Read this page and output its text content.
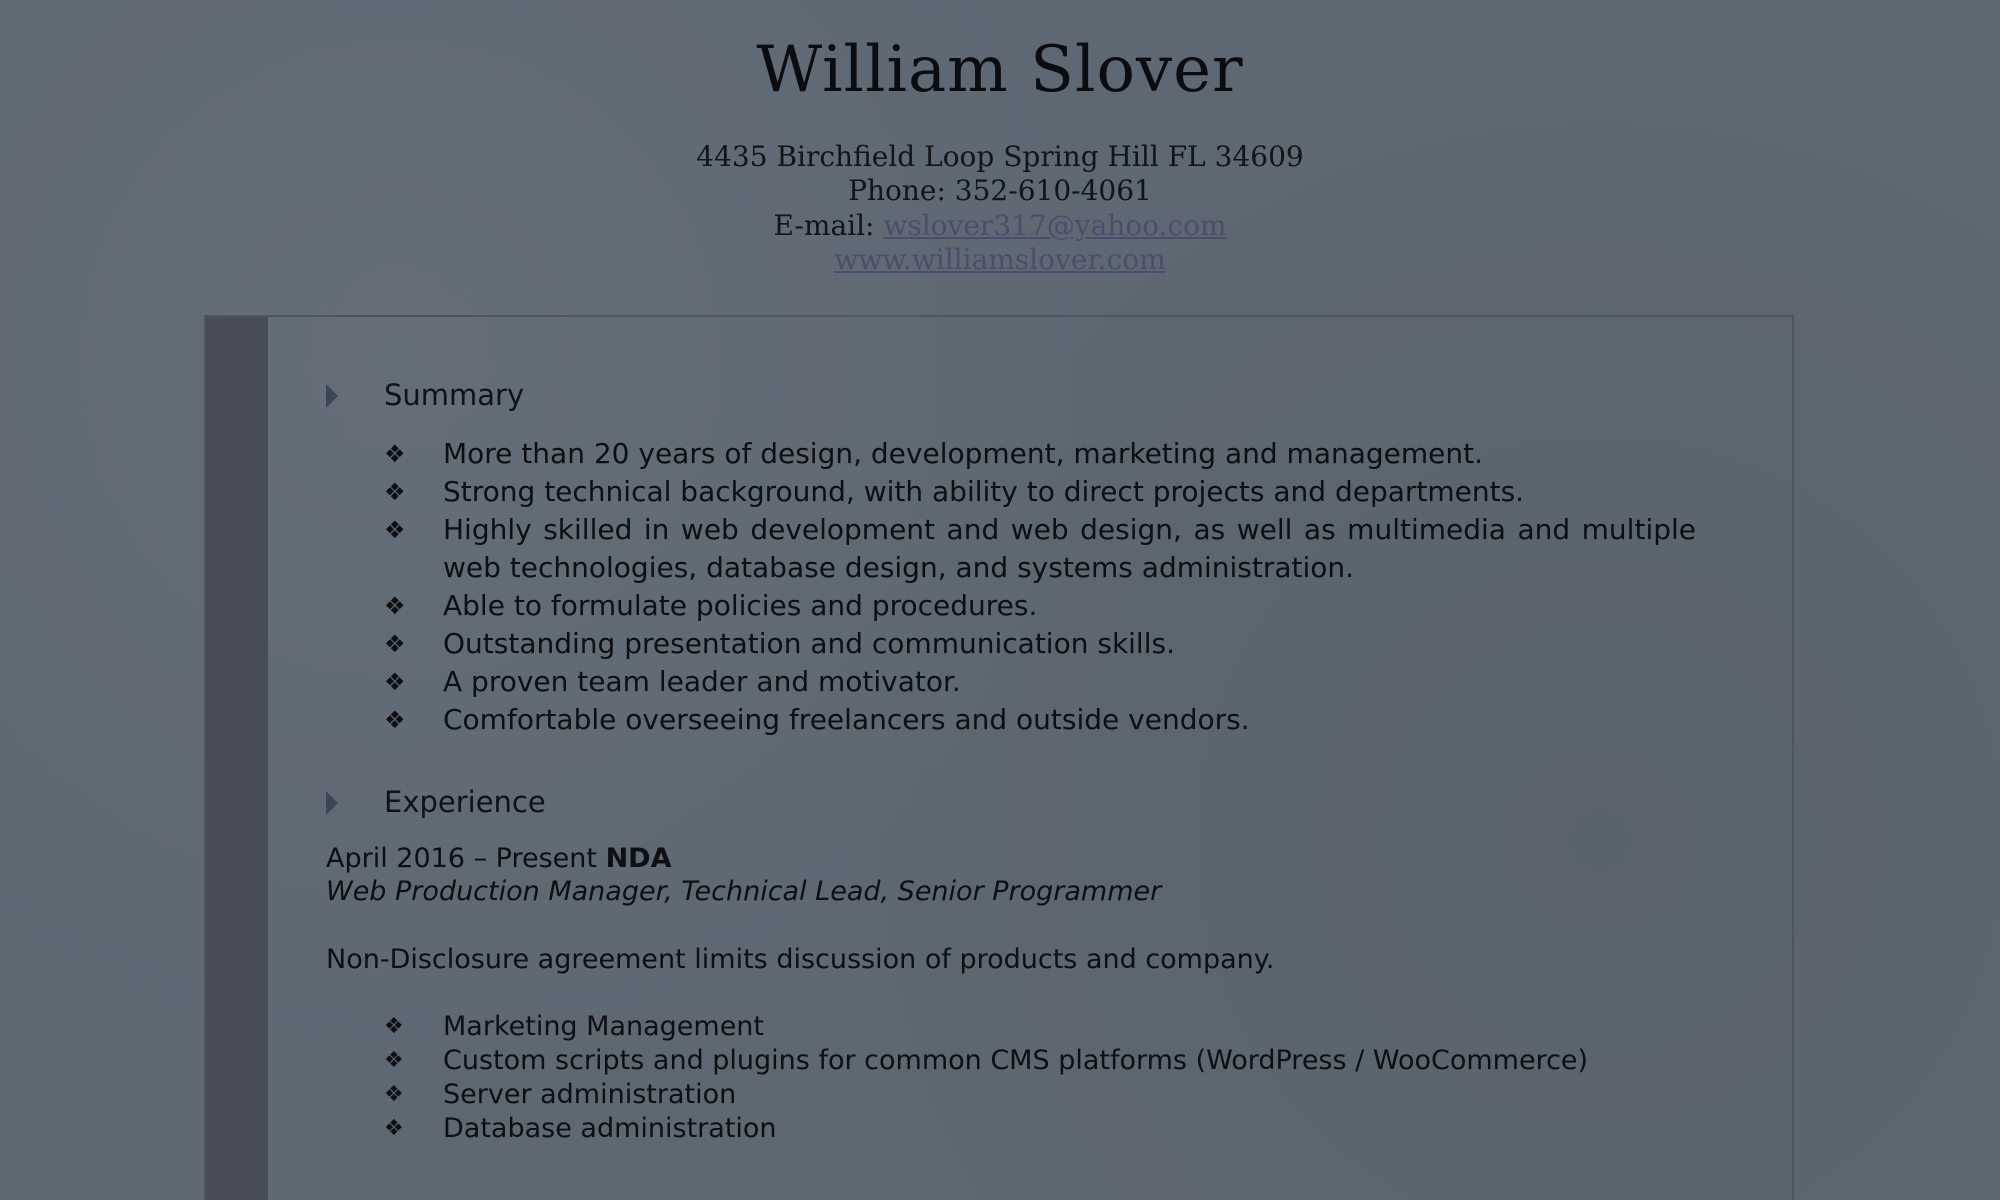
William Slover
4435 Birchfield Loop Spring Hill FL 34609
Phone: 352-610-4061
E-mail: wslover317@yahoo.com
www.williamslover.com
Summary
❖ More than 20 years of design, development, marketing and management.
❖ Strong technical background, with ability to direct projects and departments.
❖ Highly skilled in web development and web design, as well as multimedia and multiple web technologies, database design, and systems administration.
❖ Able to formulate policies and procedures.
❖ Outstanding presentation and communication skills.
❖ A proven team leader and motivator.
❖ Comfortable overseeing freelancers and outside vendors.
Experience
April 2016 – Present NDA
Web Production Manager, Technical Lead, Senior Programmer
Non-Disclosure agreement limits discussion of products and company.
❖ Marketing Management
❖ Custom scripts and plugins for common CMS platforms (WordPress / WooCommerce)
❖ Server administration
❖ Database administration
